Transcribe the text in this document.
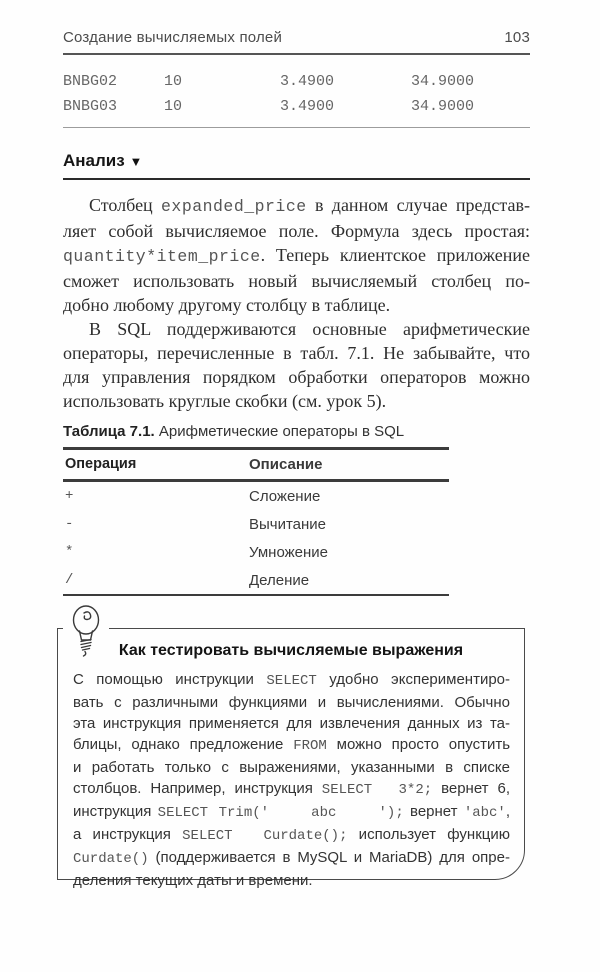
Создание вычисляемых полей	103
BNBG02	10	3.4900	34.9000
BNBG03	10	3.4900	34.9000
Анализ ▼
Столбец expanded_price в данном случае представ-
ляет собой вычисляемое поле. Формула здесь простая:
quantity*item_price. Теперь клиентское приложение
сможет использовать новый вычисляемый столбец по-
добно любому другому столбцу в таблице.
В SQL поддерживаются основные арифметические
операторы, перечисленные в табл. 7.1. Не забывайте, что
для управления порядком обработки операторов можно
использовать круглые скобки (см. урок 5).
Таблица 7.1. Арифметические операторы в SQL
Операция	Описание
+	Сложение
-	Вычитание
*	Умножение
/	Деление
Как тестировать вычисляемые выражения
С помощью инструкции SELECT удобно экспериментиро-
вать с различными функциями и вычислениями. Обычно
эта инструкция применяется для извлечения данных из та-
блицы, однако предложение FROM можно просто опустить
и работать только с выражениями, указанными в списке
столбцов. Например, инструкция SELECT  3*2; вернет 6,
инструкция SELECT Trim('    abc    '); вернет 'abc',
а инструкция SELECT  Curdate(); использует функцию
Curdate() (поддерживается в MySQL и MariaDB) для опре-
деления текущих даты и времени.
